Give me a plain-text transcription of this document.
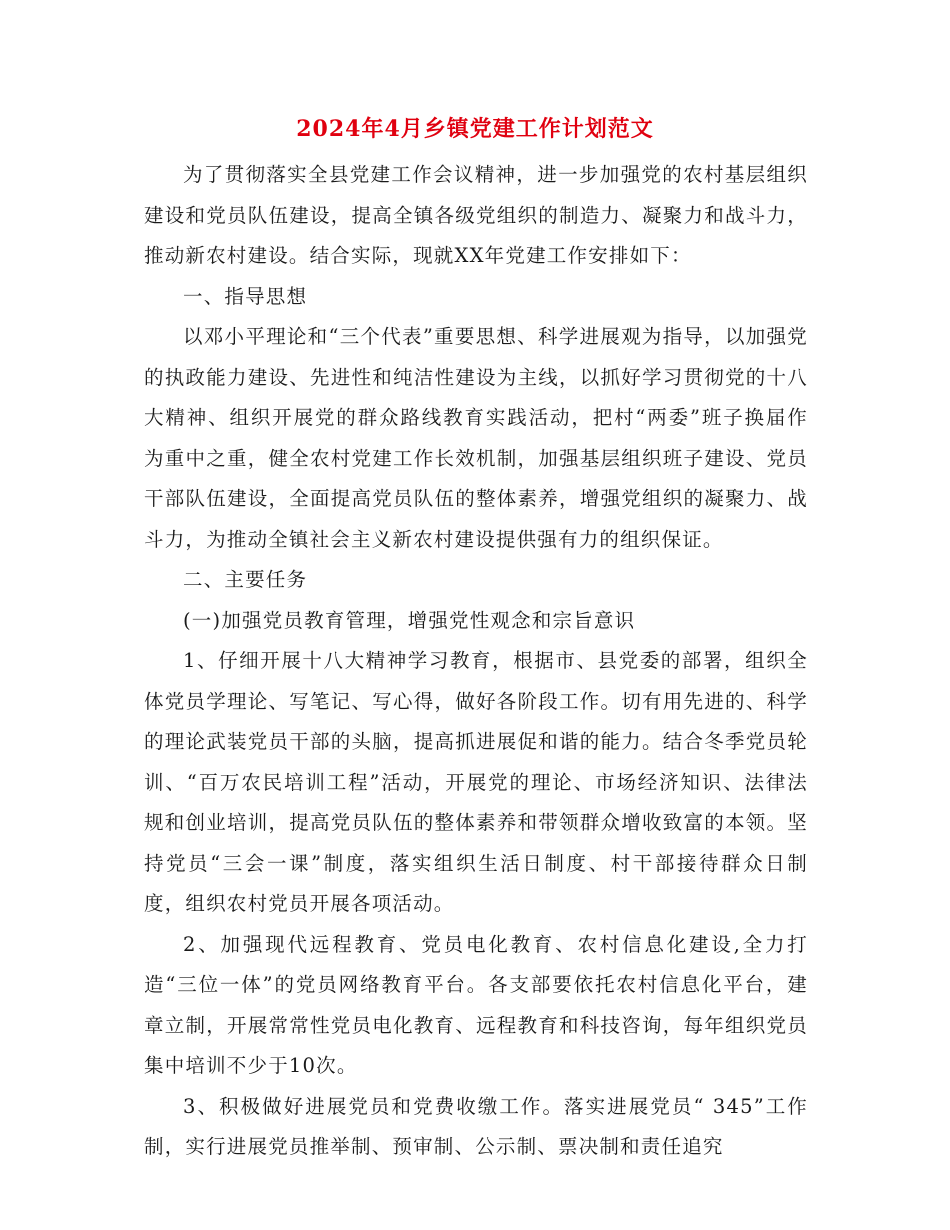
2024年4月乡镇党建工作计划范文

为了贯彻落实全县党建工作会议精神，进一步加强党的农村基层组织建设和党员队伍建设，提高全镇各级党组织的制造力、凝聚力和战斗力，推动新农村建设。结合实际，现就XX年党建工作安排如下：

一、指导思想

以邓小平理论和“三个代表”重要思想、科学进展观为指导，以加强党的执政能力建设、先进性和纯洁性建设为主线，以抓好学习贯彻党的十八大精神、组织开展党的群众路线教育实践活动，把村“两委”班子换届作为重中之重，健全农村党建工作长效机制，加强基层组织班子建设、党员干部队伍建设，全面提高党员队伍的整体素养，增强党组织的凝聚力、战斗力，为推动全镇社会主义新农村建设提供强有力的组织保证。

二、主要任务

(一)加强党员教育管理，增强党性观念和宗旨意识

1、仔细开展十八大精神学习教育，根据市、县党委的部署，组织全体党员学理论、写笔记、写心得，做好各阶段工作。切有用先进的、科学的理论武装党员干部的头脑，提高抓进展促和谐的能力。结合冬季党员轮训、“百万农民培训工程”活动，开展党的理论、市场经济知识、法律法规和创业培训，提高党员队伍的整体素养和带领群众增收致富的本领。坚持党员“三会一课”制度，落实组织生活日制度、村干部接待群众日制度，组织农村党员开展各项活动。

2、加强现代远程教育、党员电化教育、农村信息化建设,全力打造“三位一体”的党员网络教育平台。各支部要依托农村信息化平台，建章立制，开展常常性党员电化教育、远程教育和科技咨询，每年组织党员集中培训不少于10次。

3、积极做好进展党员和党费收缴工作。落实进展党员“ 345”工作制，实行进展党员推举制、预审制、公示制、票决制和责任追究
